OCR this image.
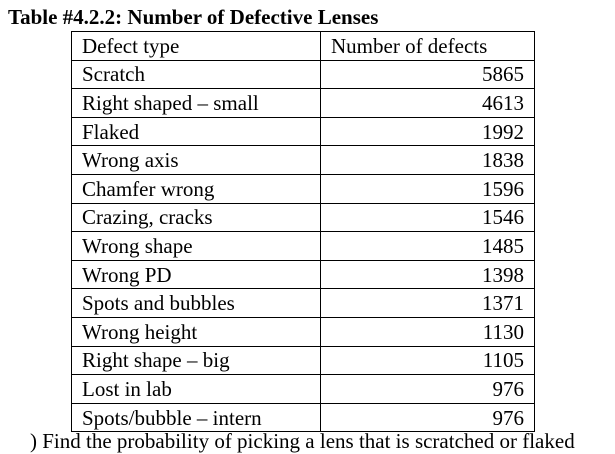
Table #4.2.2: Number of Defective Lenses
Defect type	Number of defects
Scratch	5865
Right shaped – small	4613
Flaked	1992
Wrong axis	1838
Chamfer wrong	1596
Crazing, cracks	1546
Wrong shape	1485
Wrong PD	1398
Spots and bubbles	1371
Wrong height	1130
Right shape – big	1105
Lost in lab	976
Spots/bubble – intern	976
) Find the probability of picking a lens that is scratched or flaked
